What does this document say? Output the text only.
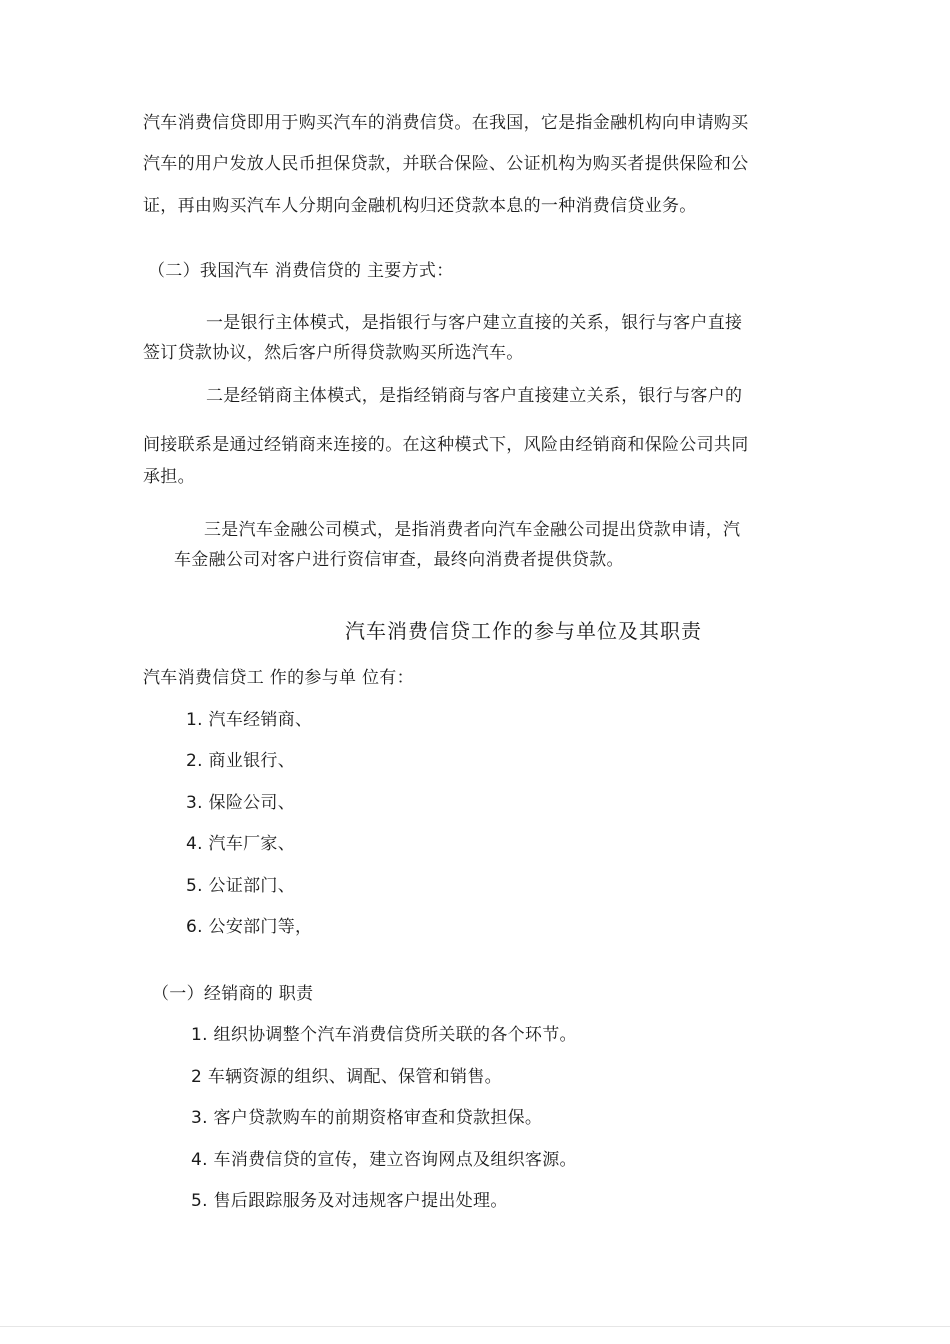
汽车消费信贷即用于购买汽车的消费信贷。在我国，它是指金融机构向申请购买
汽车的用户发放人民币担保贷款，并联合保险、公证机构为购买者提供保险和公
证，再由购买汽车人分期向金融机构归还贷款本息的一种消费信贷业务。
（二）我国汽车 消费信贷的 主要方式：
一是银行主体模式，是指银行与客户建立直接的关系，银行与客户直接
签订贷款协议，然后客户所得贷款购买所选汽车。
二是经销商主体模式，是指经销商与客户直接建立关系，银行与客户的
间接联系是通过经销商来连接的。在这种模式下，风险由经销商和保险公司共同
承担。
三是汽车金融公司模式，是指消费者向汽车金融公司提出贷款申请，汽
车金融公司对客户进行资信审查，最终向消费者提供贷款。
汽车消费信贷工作的参与单位及其职责
汽车消费信贷工 作的参与单 位有：
1. 汽车经销商、
2. 商业银行、
3. 保险公司、
4. 汽车厂家、
5. 公证部门、
6. 公安部门等，
（一）经销商的 职责
1. 组织协调整个汽车消费信贷所关联的各个环节。
2 车辆资源的组织、调配、保管和销售。
3. 客户贷款购车的前期资格审查和贷款担保。
4. 车消费信贷的宣传，建立咨询网点及组织客源。
5. 售后跟踪服务及对违规客户提出处理。
